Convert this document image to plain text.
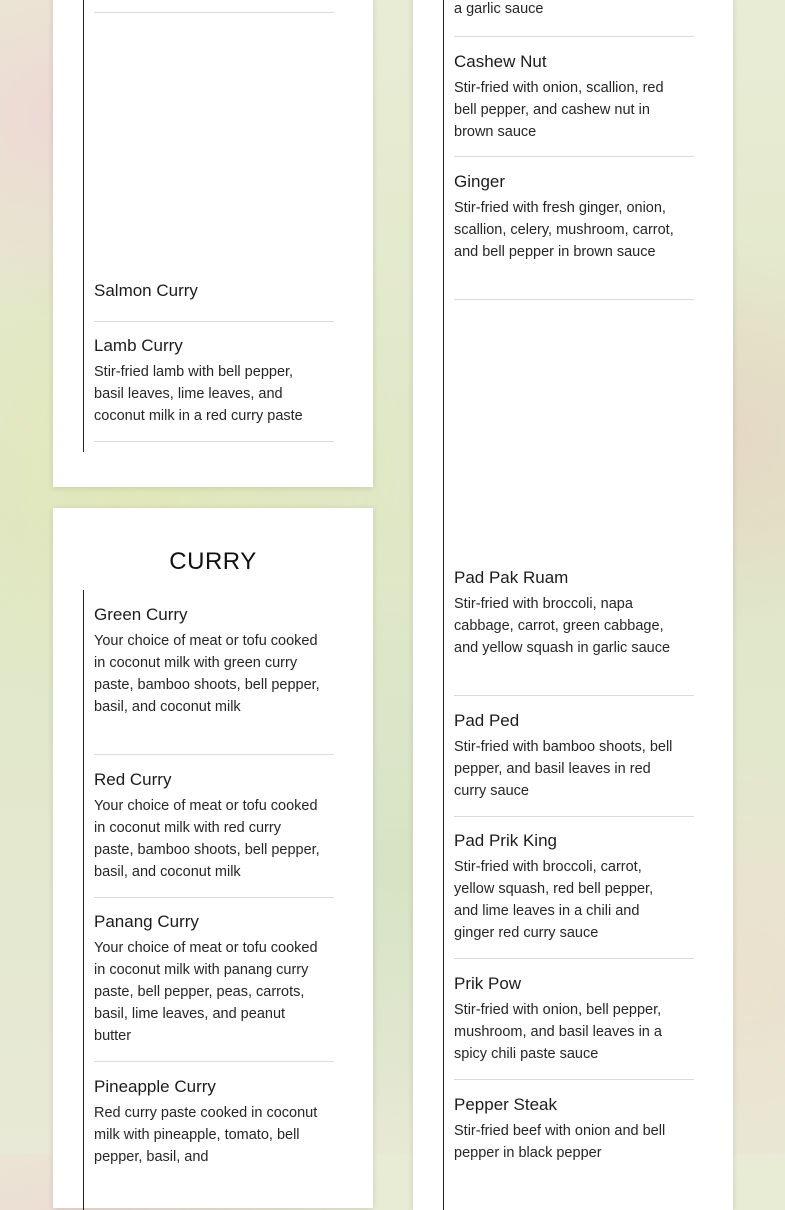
Salmon Curry
Lamb Curry
Stir-fried lamb with bell pepper, basil leaves, lime leaves, and coconut milk in a red curry paste
CURRY
Green Curry
Your choice of meat or tofu cooked in coconut milk with green curry paste, bamboo shoots, bell pepper, basil, and coconut milk
Red Curry
Your choice of meat or tofu cooked in coconut milk with red curry paste, bamboo shoots, bell pepper, basil, and coconut milk
Panang Curry
Your choice of meat or tofu cooked in coconut milk with panang curry paste, bell pepper, peas, carrots, basil, lime leaves, and peanut butter
Pineapple Curry
Red curry paste cooked in coconut milk with pineapple, tomato, bell pepper, basil, and
a garlic sauce
Cashew Nut
Stir-fried with onion, scallion, red bell pepper, and cashew nut in brown sauce
Ginger
Stir-fried with fresh ginger, onion, scallion, celery, mushroom, carrot, and bell pepper in brown sauce
Pad Pak Ruam
Stir-fried with broccoli, napa cabbage, carrot, green cabbage, and yellow squash in garlic sauce
Pad Ped
Stir-fried with bamboo shoots, bell pepper, and basil leaves in red curry sauce
Pad Prik King
Stir-fried with broccoli, carrot, yellow squash, red bell pepper, and lime leaves in a chili and ginger red curry sauce
Prik Pow
Stir-fried with onion, bell pepper, mushroom, and basil leaves in a spicy chili paste sauce
Pepper Steak
Stir-fried beef with onion and bell pepper in black pepper
